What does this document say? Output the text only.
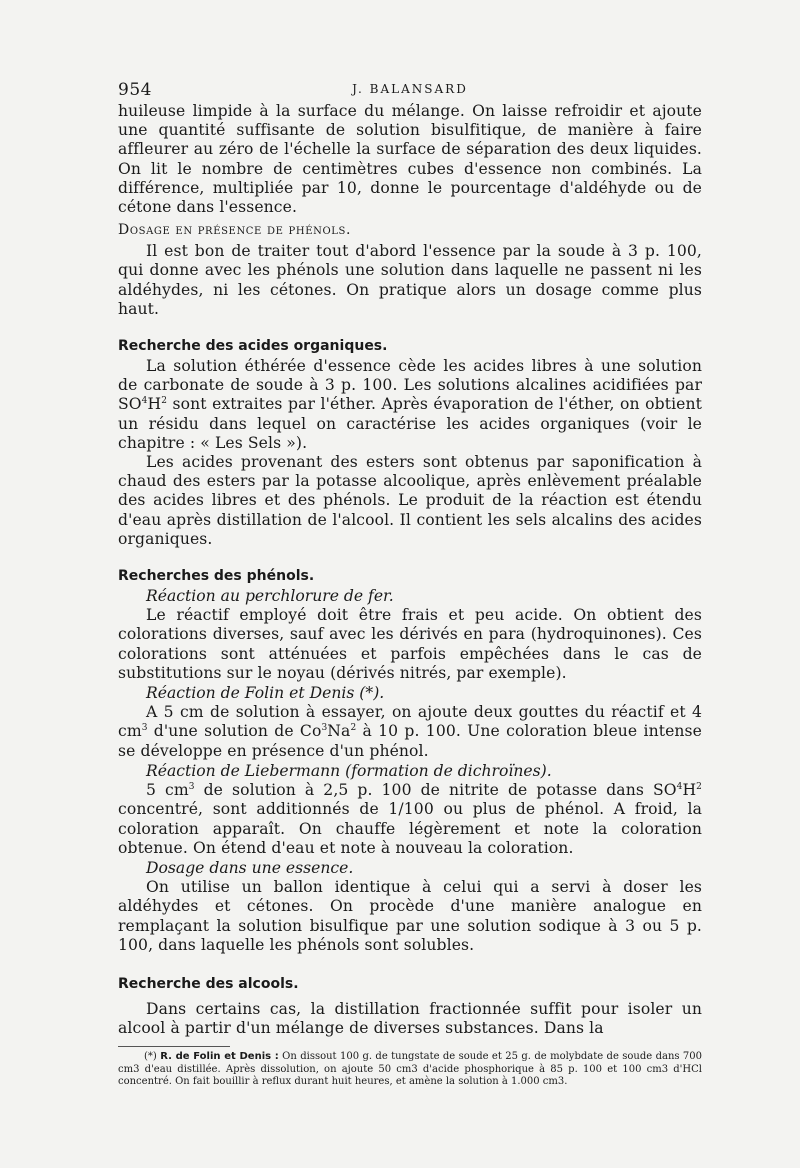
954	J. BALANSARD

huileuse limpide à la surface du mélange. On laisse refroidir et ajoute une quantité suffisante de solution bisulfitique, de manière à faire affleurer au zéro de l'échelle la surface de séparation des deux liquides. On lit le nombre de centimètres cubes d'essence non combinés. La différence, multipliée par 10, donne le pourcentage d'aldéhyde ou de cétone dans l'essence.

Dosage en présence de phénols.

Il est bon de traiter tout d'abord l'essence par la soude à 3 p. 100, qui donne avec les phénols une solution dans laquelle ne passent ni les aldéhydes, ni les cétones. On pratique alors un dosage comme plus haut.

Recherche des acides organiques.

La solution éthérée d'essence cède les acides libres à une solution de carbonate de soude à 3 p. 100. Les solutions alcalines acidifiées par $SO^4H^2$ sont extraites par l'éther. Après évaporation de l'éther, on obtient un résidu dans lequel on caractérise les acides organiques (voir le chapitre : « Les Sels »).

Les acides provenant des esters sont obtenus par saponification à chaud des esters par la potasse alcoolique, après enlèvement préalable des acides libres et des phénols. Le produit de la réaction est étendu d'eau après distillation de l'alcool. Il contient les sels alcalins des acides organiques.

Recherches des phénols.
Réaction au perchlorure de fer.

Le réactif employé doit être frais et peu acide. On obtient des colorations diverses, sauf avec les dérivés en para (hydroquinones). Ces colorations sont atténuées et parfois empêchées dans le cas de substitutions sur le noyau (dérivés nitrés, par exemple).

Réaction de Folin et Denis (*).

A 5 cm de solution à essayer, on ajoute deux gouttes du réactif et 4 $cm^3$ d'une solution de Co$^3$Na$^2$ à 10 p. 100. Une coloration bleue intense se développe en présence d'un phénol.

Réaction de Liebermann (formation de dichroïnes).

5 $cm^3$ de solution à 2,5 p. 100 de nitrite de potasse dans $SO^4H^2$ concentré, sont additionnés de 1/100 ou plus de phénol. A froid, la coloration apparaît. On chauffe légèrement et note la coloration obtenue. On étend d'eau et note à nouveau la coloration.

Dosage dans une essence.

On utilise un ballon identique à celui qui a servi à doser les aldéhydes et cétones. On procède d'une manière analogue en remplaçant la solution bisulfique par une solution sodique à 3 ou 5 p. 100, dans laquelle les phénols sont solubles.

Recherche des alcools.

Dans certains cas, la distillation fractionnée suffit pour isoler un alcool à partir d'un mélange de diverses substances. Dans la

(*) R. de Folin et Denis : On dissout 100 g. de tungstate de soude et 25 g. de molybdate de soude dans 700 cm3 d'eau distillée. Après dissolution, on ajoute 50 cm3 d'acide phosphorique à 85 p. 100 et 100 cm3 d'HCl concentré. On fait bouillir à reflux durant huit heures, et amène la solution à 1.000 cm3.
